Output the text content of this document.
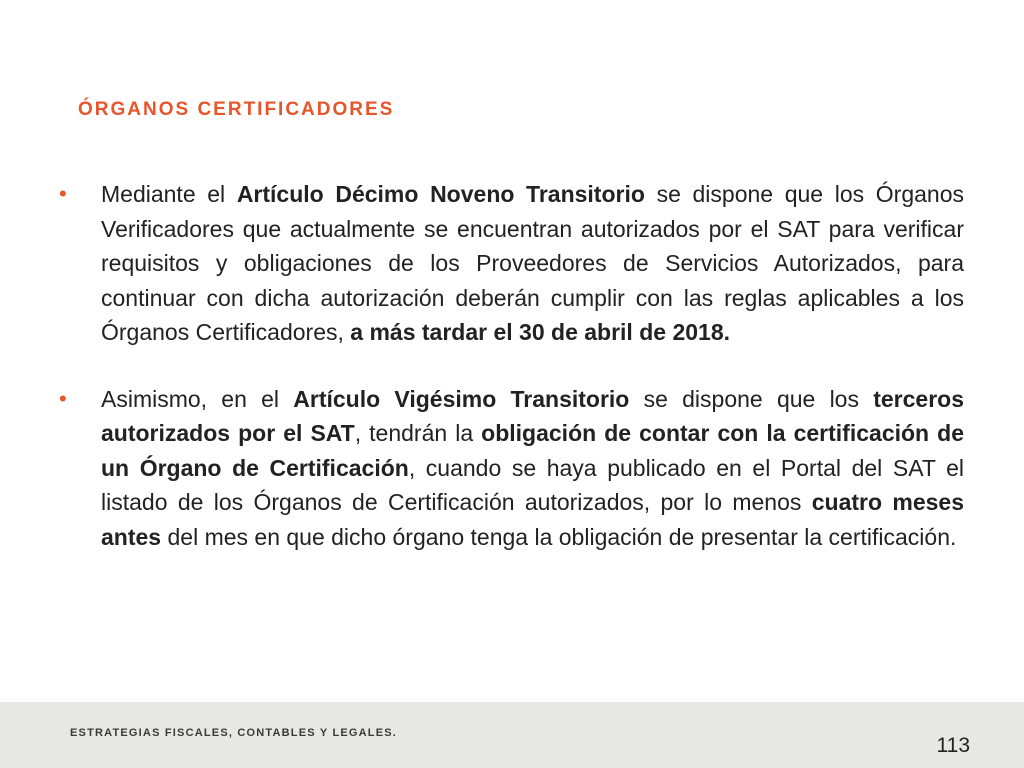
ÓRGANOS CERTIFICADORES
• Mediante el Artículo Décimo Noveno Transitorio se dispone que los Órganos Verificadores que actualmente se encuentran autorizados por el SAT para verificar requisitos y obligaciones de los Proveedores de Servicios Autorizados, para continuar con dicha autorización deberán cumplir con las reglas aplicables a los Órganos Certificadores, a más tardar el 30 de abril de 2018.
• Asimismo, en el Artículo Vigésimo Transitorio se dispone que los terceros autorizados por el SAT, tendrán la obligación de contar con la certificación de un Órgano de Certificación, cuando se haya publicado en el Portal del SAT el listado de los Órganos de Certificación autorizados, por lo menos cuatro meses antes del mes en que dicho órgano tenga la obligación de presentar la certificación.
ESTRATEGIAS FISCALES, CONTABLES Y LEGALES.
113
